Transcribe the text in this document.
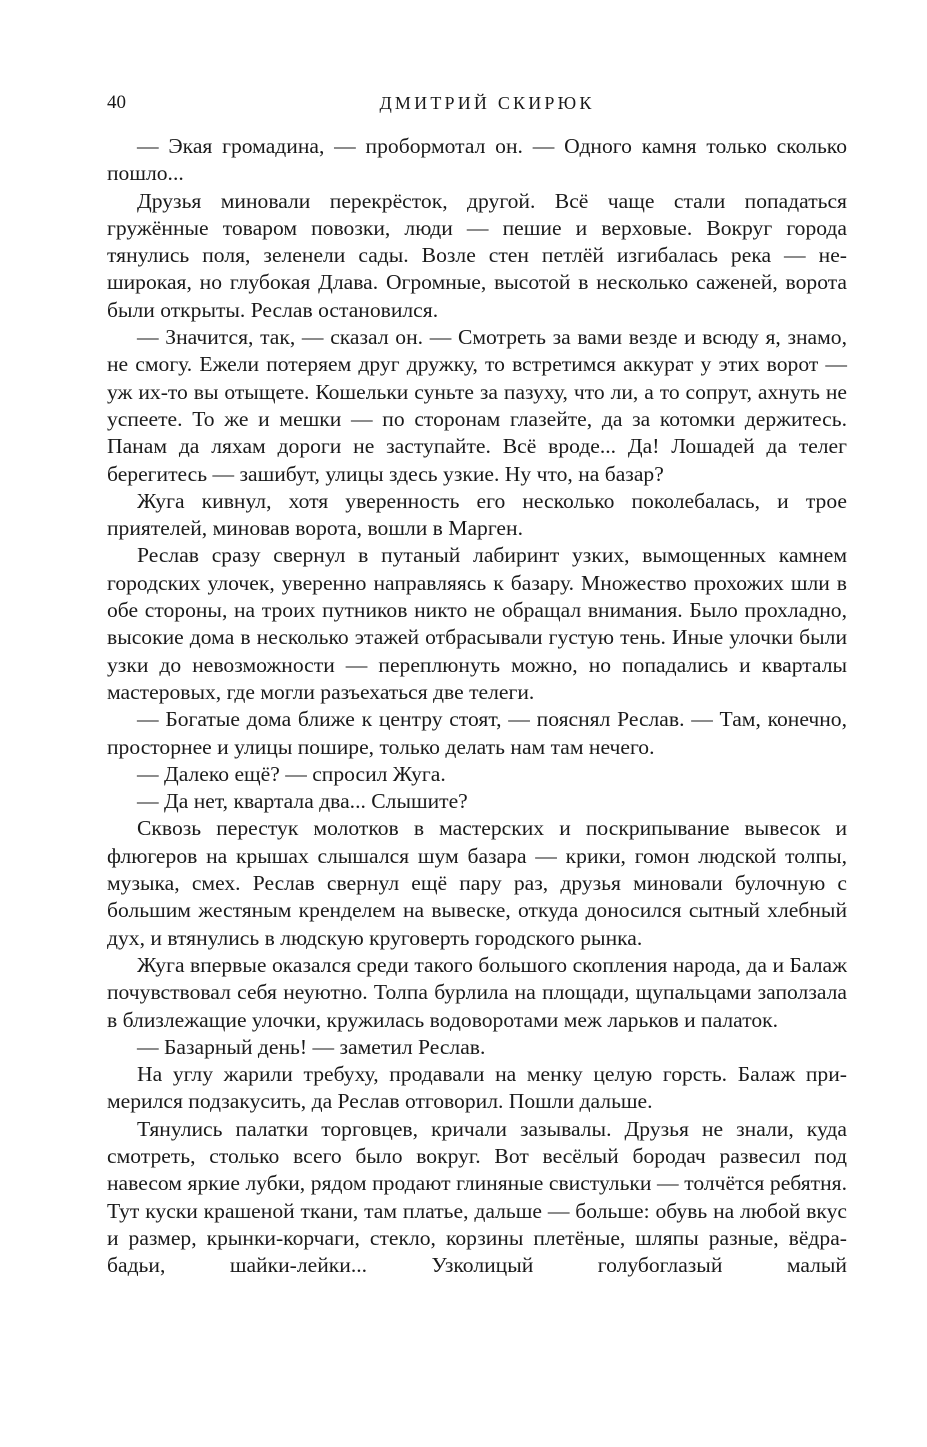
40	ДМИТРИЙ СКИРЮК

— Экая громадина, — пробормотал он. — Одного камня только сколько пошло...

Друзья миновали перекрёсток, другой. Всё чаще стали попадаться гружённые товаром повозки, люди — пешие и верховые. Вокруг города тянулись поля, зеленели сады. Возле стен петлёй изгибалась река — неширокая, но глубокая Длава. Огромные, высотой в несколько саженей, ворота были открыты. Реслав остановился.

— Значится, так, — сказал он. — Смотреть за вами везде и всюду я, знамо, не смогу. Ежели потеряем друг дружку, то встретимся аккурат у этих ворот — уж их-то вы отыщете. Кошельки суньте за пазуху, что ли, а то сопрут, ахнуть не успеете. То же и мешки — по сторонам глазейте, да за котомки держитесь. Панам да ляхам дороги не заступайте. Всё вроде... Да! Лошадей да телег берегитесь — зашибут, улицы здесь узкие. Ну что, на базар?

Жуга кивнул, хотя уверенность его несколько поколебалась, и трое приятелей, миновав ворота, вошли в Марген.

Реслав сразу свернул в путаный лабиринт узких, вымощенных камнем городских улочек, уверенно направляясь к базару. Множество прохожих шли в обе стороны, на троих путников никто не обращал внимания. Было прохладно, высокие дома в несколько этажей отбрасывали густую тень. Иные улочки были узки до невозможности — переплюнуть можно, но попадались и кварталы мастеровых, где могли разъехаться две телеги.

— Богатые дома ближе к центру стоят, — пояснял Реслав. — Там, конечно, просторнее и улицы пошире, только делать нам там нечего.

— Далеко ещё? — спросил Жуга.

— Да нет, квартала два... Слышите?

Сквозь перестук молотков в мастерских и поскрипывание вывесок и флюгеров на крышах слышался шум базара — крики, гомон людской толпы, музыка, смех. Реслав свернул ещё пару раз, друзья миновали булочную с большим жестяным кренделем на вывеске, откуда доносился сытный хлебный дух, и втянулись в людскую круговерть городского рынка.

Жуга впервые оказался среди такого большого скопления народа, да и Балаж почувствовал себя неуютно. Толпа бурлила на площади, щупальцами заползала в близлежащие улочки, кружилась водоворотами меж ларьков и палаток.

— Базарный день! — заметил Реслав.

На углу жарили требуху, продавали на менку целую горсть. Балаж примерился подзакусить, да Реслав отговорил. Пошли дальше.

Тянулись палатки торговцев, кричали зазывалы. Друзья не знали, куда смотреть, столько всего было вокруг. Вот весёлый бородач развесил под навесом яркие лубки, рядом продают глиняные свистульки — толчётся ребятня. Тут куски крашеной ткани, там платье, дальше — больше: обувь на любой вкус и размер, крынки-корчаги, стекло, корзины плетёные, шляпы разные, вёдра-бадьи, шайки-лейки... Узколицый голубоглазый малый
